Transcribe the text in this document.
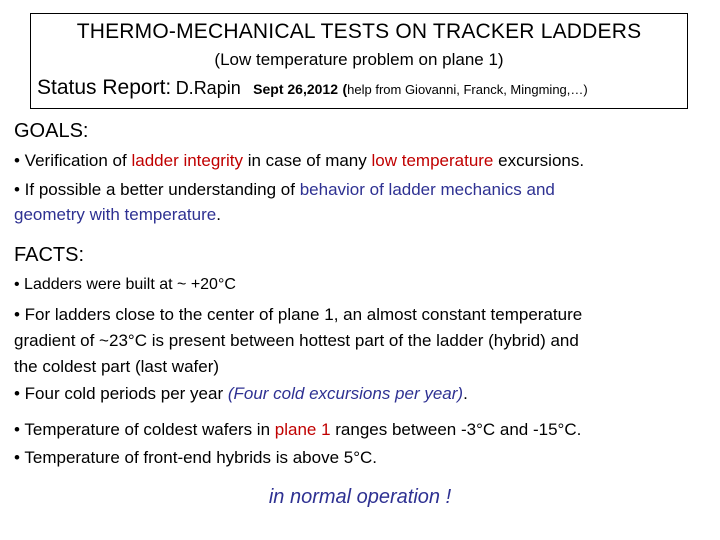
THERMO-MECHANICAL TESTS ON TRACKER LADDERS
(Low temperature problem on plane 1)
Status Report: D.Rapin Sept 26,2012 (help from Giovanni, Franck, Mingming,…)
GOALS:
• Verification of ladder integrity in case of many low temperature excursions.
• If possible a better understanding of behavior of ladder mechanics and
geometry with temperature.
FACTS:
• Ladders were built at ~ +20°C
• For ladders close to the center of plane 1, an almost constant temperature
gradient of ~23°C is present between hottest part of the ladder (hybrid) and
the coldest part (last wafer)
• Four cold periods per year (Four cold excursions per year).
• Temperature of coldest wafers in plane 1 ranges between -3°C and -15°C.
• Temperature of front-end hybrids is above 5°C.
in normal operation !
